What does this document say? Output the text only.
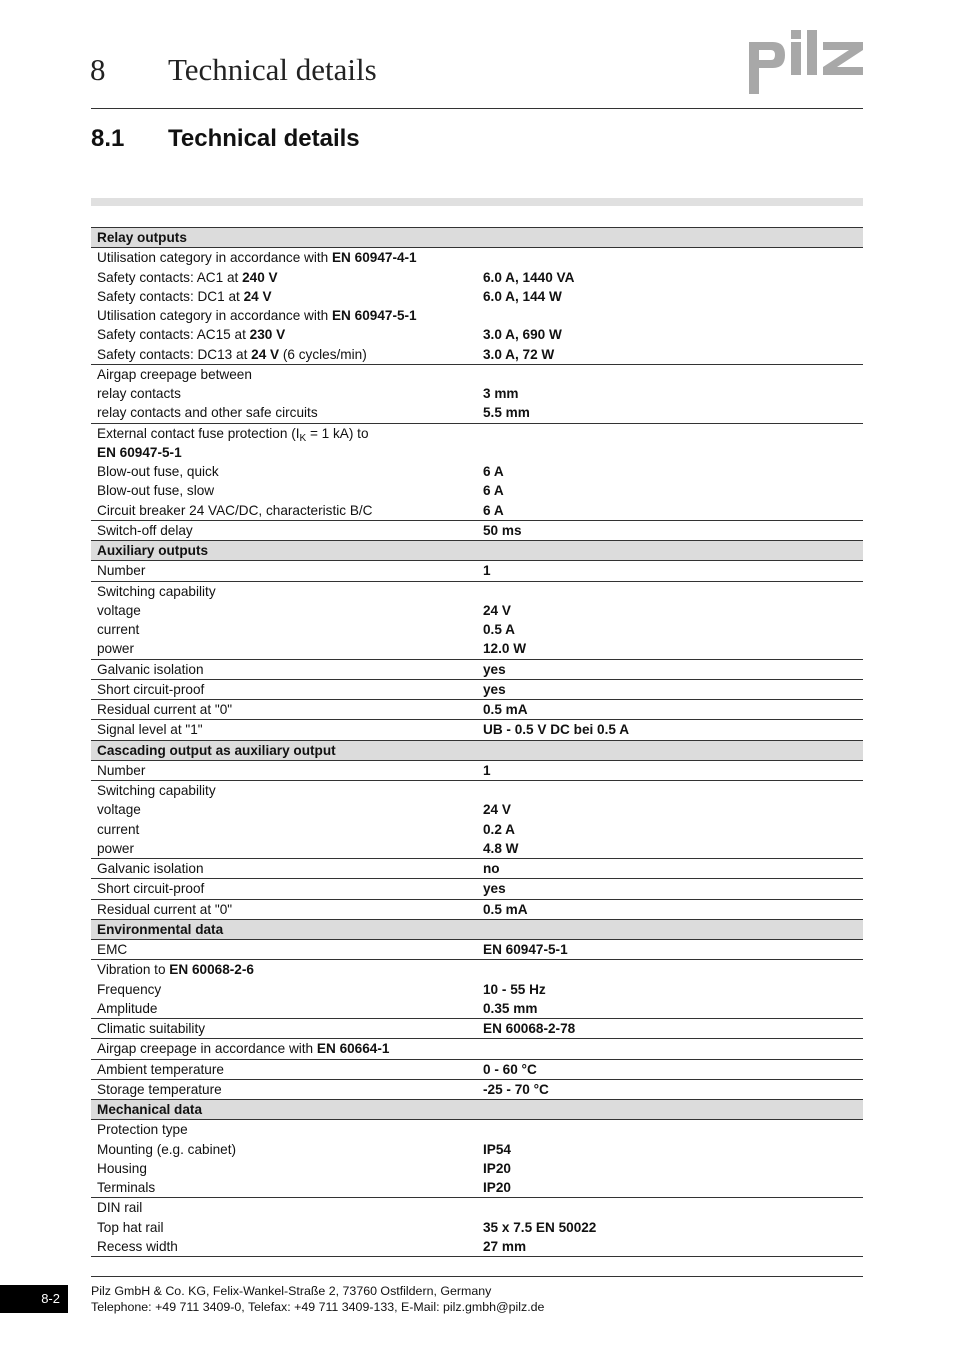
8 Technical details
8.1 Technical details
Relay outputs	
Utilisation category in accordance with EN 60947-4-1	
Safety contacts: AC1 at 240 V	6.0 A, 1440 VA
Safety contacts: DC1 at 24 V	6.0 A, 144 W
Utilisation category in accordance with EN 60947-5-1	
Safety contacts: AC15 at 230 V	3.0 A, 690 W
Safety contacts: DC13 at 24 V (6 cycles/min)	3.0 A, 72 W
Airgap creepage between	
relay contacts	3 mm
relay contacts and other safe circuits	5.5 mm
External contact fuse protection ($I_K = 1$ kA) to	
EN 60947-5-1	
Blow-out fuse, quick	6 A
Blow-out fuse, slow	6 A
Circuit breaker 24 VAC/DC, characteristic B/C	6 A
Switch-off delay	50 ms
Auxiliary outputs	
Number	1
Switching capability	
voltage	24 V
current	0.5 A
power	12.0 W
Galvanic isolation	yes
Short circuit-proof	yes
Residual current at "0"	0.5 mA
Signal level at "1"	UB - 0.5 V DC bei 0.5 A
Cascading output as auxiliary output	
Number	1
Switching capability	
voltage	24 V
current	0.2 A
power	4.8 W
Galvanic isolation	no
Short circuit-proof	yes
Residual current at "0"	0.5 mA
Environmental data	
EMC	EN 60947-5-1
Vibration to EN 60068-2-6	
Frequency	10 - 55 Hz
Amplitude	0.35 mm
Climatic suitability	EN 60068-2-78
Airgap creepage in accordance with EN 60664-1	
Ambient temperature	0 - 60 °C
Storage temperature	-25 - 70 °C
Mechanical data	
Protection type	
Mounting (e.g. cabinet)	IP54
Housing	IP20
Terminals	IP20
DIN rail	
Top hat rail	35 x 7.5 EN 50022
Recess width	27 mm
8-2	Pilz GmbH & Co. KG, Felix-Wankel-Straße 2, 73760 Ostfildern, Germany
Telephone: +49 711 3409-0, Telefax: +49 711 3409-133, E-Mail: pilz.gmbh@pilz.de
